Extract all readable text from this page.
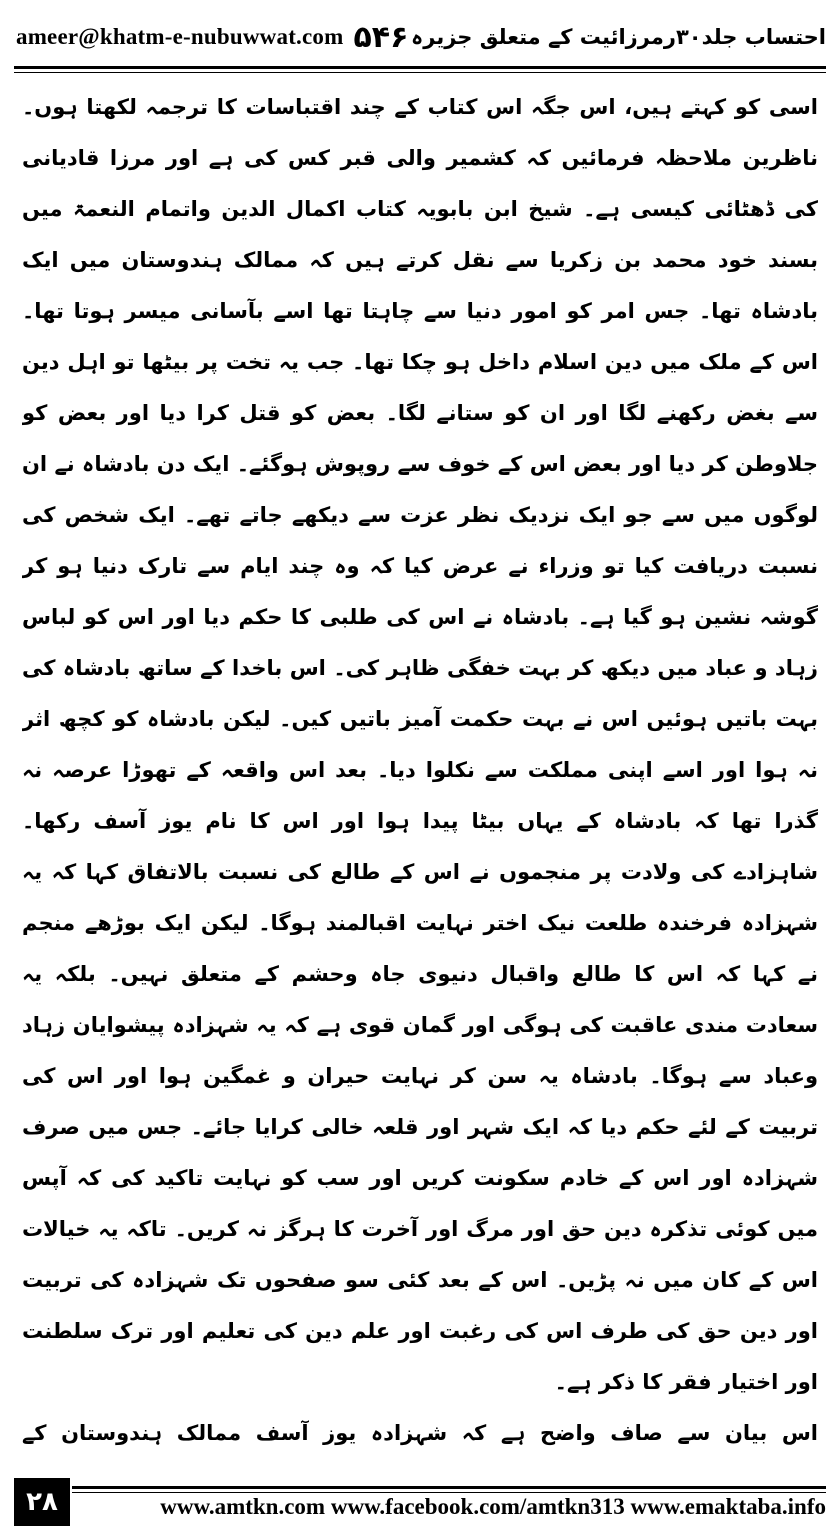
ameer@khatm-e-nubuwwat.com ۵۴۶ احتساب جلد۳۰رمرزائیت کے متعلق جزیرہ

اسی کو کہتے ہیں، اس جگہ اس کتاب کے چند اقتباسات کا ترجمہ لکھتا ہوں۔ ناظرین ملاحظہ فرمائیں کہ کشمیر والی قبر کس کی ہے اور مرزا قادیانی کی ڈھٹائی کیسی ہے۔ شیخ ابن بابویہ کتاب اکمال الدین واتمام النعمۃ میں بسند خود محمد بن زکریا سے نقل کرتے ہیں کہ ممالک ہندوستان میں ایک بادشاہ تھا۔ جس امر کو امور دنیا سے چاہتا تھا اسے بآسانی میسر ہوتا تھا۔ اس کے ملک میں دین اسلام داخل ہو چکا تھا۔ جب یہ تخت پر بیٹھا تو اہل دین سے بغض رکھنے لگا اور ان کو ستانے لگا۔ بعض کو قتل کرا دیا اور بعض کو جلاوطن کر دیا اور بعض اس کے خوف سے روپوش ہوگئے۔ ایک دن بادشاہ نے ان لوگوں میں سے جو ایک نزدیک نظر عزت سے دیکھے جاتے تھے۔ ایک شخص کی نسبت دریافت کیا تو وزراء نے عرض کیا کہ وہ چند ایام سے تارک دنیا ہو کر گوشہ نشین ہو گیا ہے۔ بادشاہ نے اس کی طلبی کا حکم دیا اور اس کو لباس زہاد و عباد میں دیکھ کر بہت خفگی ظاہر کی۔ اس باخدا کے ساتھ بادشاہ کی بہت باتیں ہوئیں اس نے بہت حکمت آمیز باتیں کیں۔ لیکن بادشاہ کو کچھ اثر نہ ہوا اور اسے اپنی مملکت سے نکلوا دیا۔ بعد اس واقعہ کے تھوڑا عرصہ نہ گذرا تھا کہ بادشاہ کے یہاں بیٹا پیدا ہوا اور اس کا نام یوز آسف رکھا۔ شاہزادے کی ولادت پر منجموں نے اس کے طالع کی نسبت بالاتفاق کہا کہ یہ شہزادہ فرخندہ طلعت نیک اختر نہایت اقبالمند ہوگا۔ لیکن ایک بوڑھے منجم نے کہا کہ اس کا طالع واقبال دنیوی جاہ وحشم کے متعلق نہیں۔ بلکہ یہ سعادت مندی عاقبت کی ہوگی اور گمان قوی ہے کہ یہ شہزادہ پیشوایان زہاد وعباد سے ہوگا۔ بادشاہ یہ سن کر نہایت حیران و غمگین ہوا اور اس کی تربیت کے لئے حکم دیا کہ ایک شہر اور قلعہ خالی کرایا جائے۔ جس میں صرف شہزادہ اور اس کے خادم سکونت کریں اور سب کو نہایت تاکید کی کہ آپس میں کوئی تذکرہ دین حق اور مرگ اور آخرت کا ہرگز نہ کریں۔ تاکہ یہ خیالات اس کے کان میں نہ پڑیں۔ اس کے بعد کئی سو صفحوں تک شہزادہ کی تربیت اور دین حق کی طرف اس کی رغبت اور علم دین کی تعلیم اور ترک سلطنت اور اختیار فقر کا ذکر ہے۔

اس بیان سے صاف واضح ہے کہ شہزادہ یوز آسف ممالک ہندوستان کے

۲۸	www.amtkn.com www.facebook.com/amtkn313 www.emaktaba.info
